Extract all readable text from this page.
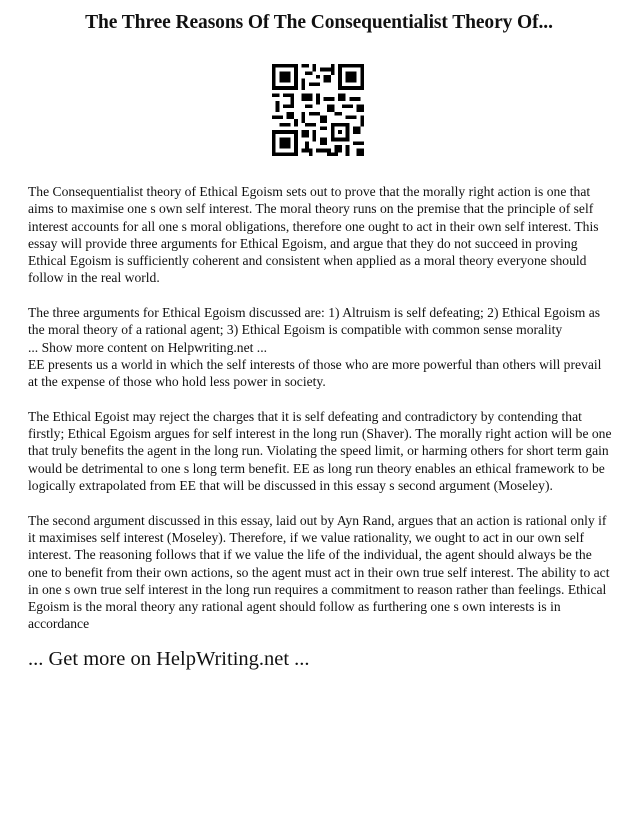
The Three Reasons Of The Consequentialist Theory Of...

The Consequentialist theory of Ethical Egoism sets out to prove that the morally right action is one that aims to maximise one s own self interest. The moral theory runs on the premise that the principle of self interest accounts for all one s moral obligations, therefore one ought to act in their own self interest. This essay will provide three arguments for Ethical Egoism, and argue that they do not succeed in proving Ethical Egoism is sufficiently coherent and consistent when applied as a moral theory everyone should follow in the real world.

The three arguments for Ethical Egoism discussed are: 1) Altruism is self defeating; 2) Ethical Egoism as the moral theory of a rational agent; 3) Ethical Egoism is compatible with common sense morality

... Show more content on Helpwriting.net ...

EE presents us a world in which the self interests of those who are more powerful than others will prevail at the expense of those who hold less power in society.

The Ethical Egoist may reject the charges that it is self defeating and contradictory by contending that firstly; Ethical Egoism argues for self interest in the long run (Shaver). The morally right action will be one that truly benefits the agent in the long run. Violating the speed limit, or harming others for short term gain would be detrimental to one s long term benefit. EE as long run theory enables an ethical framework to be logically extrapolated from EE that will be discussed in this essay s second argument (Moseley).

The second argument discussed in this essay, laid out by Ayn Rand, argues that an action is rational only if it maximises self interest (Moseley). Therefore, if we value rationality, we ought to act in our own self interest. The reasoning follows that if we value the life of the individual, the agent should always be the one to benefit from their own actions, so the agent must act in their own true self interest. The ability to act in one s own true self interest in the long run requires a commitment to reason rather than feelings. Ethical Egoism is the moral theory any rational agent should follow as furthering one s own interests is in accordance

... Get more on HelpWriting.net ...
